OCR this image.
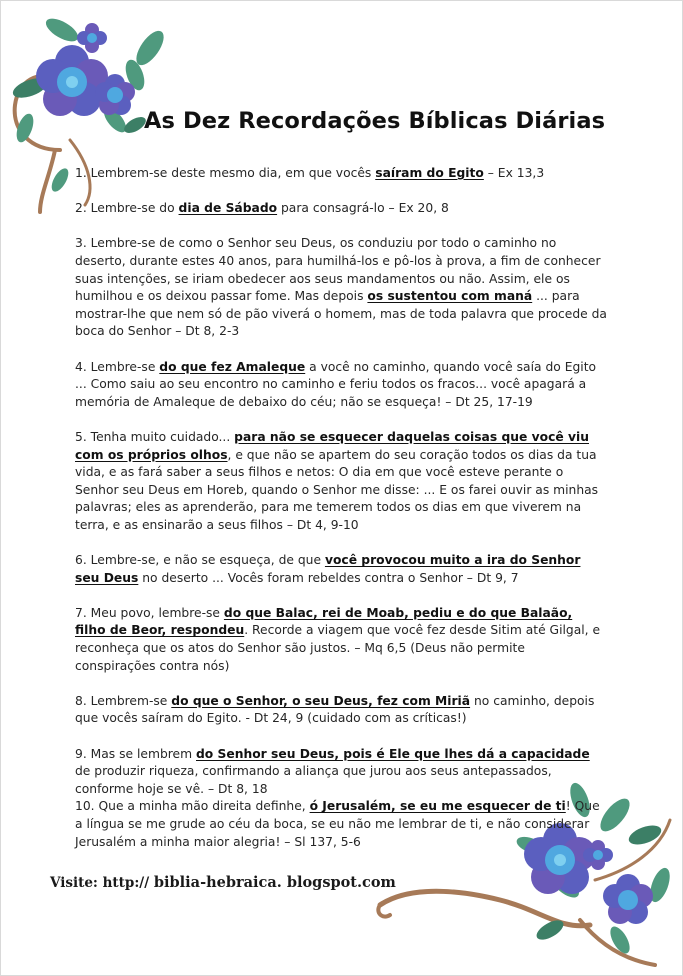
As Dez Recordações Bíblicas Diárias

1. Lembrem-se deste mesmo dia, em que vocês saíram do Egito – Ex 13,3

2. Lembre-se do dia de Sábado para consagrá-lo – Ex 20, 8

3. Lembre-se de como o Senhor seu Deus, os conduziu por todo o caminho no deserto, durante estes 40 anos, para humilhá-los e pô-los à prova, a fim de conhecer suas intenções, se iriam obedecer aos seus mandamentos ou não. Assim, ele os humilhou e os deixou passar fome. Mas depois os sustentou com maná ... para mostrar-lhe que nem só de pão viverá o homem, mas de toda palavra que procede da boca do Senhor – Dt 8, 2-3

4. Lembre-se do que fez Amaleque a você no caminho, quando você saía do Egito ... Como saiu ao seu encontro no caminho e feriu todos os fracos... você apagará a memória de Amaleque de debaixo do céu; não se esqueça! – Dt 25, 17-19

5. Tenha muito cuidado... para não se esquecer daquelas coisas que você viu com os próprios olhos, e que não se apartem do seu coração todos os dias da tua vida, e as fará saber a seus filhos e netos: O dia em que você esteve perante o Senhor seu Deus em Horeb, quando o Senhor me disse: ... E os farei ouvir as minhas palavras; eles as aprenderão, para me temerem todos os dias em que viverem na terra, e as ensinarão a seus filhos – Dt 4, 9-10

6. Lembre-se, e não se esqueça, de que você provocou muito a ira do Senhor seu Deus no deserto ... Vocês foram rebeldes contra o Senhor – Dt 9, 7

7. Meu povo, lembre-se do que Balac, rei de Moab, pediu e do que Balaão, filho de Beor, respondeu. Recorde a viagem que você fez desde Sitim até Gilgal, e reconheça que os atos do Senhor são justos. – Mq 6,5 (Deus não permite conspirações contra nós)

8. Lembrem-se do que o Senhor, o seu Deus, fez com Miriã no caminho, depois que vocês saíram do Egito. - Dt 24, 9 (cuidado com as críticas!)

9. Mas se lembrem do Senhor seu Deus, pois é Ele que lhes dá a capacidade de produzir riqueza, confirmando a aliança que jurou aos seus antepassados, conforme hoje se vê. – Dt 8, 18

10. Que a minha mão direita definhe, ó Jerusalém, se eu me esquecer de ti! Que a língua se me grude ao céu da boca, se eu não me lembrar de ti, e não considerar Jerusalém a minha maior alegria! – Sl 137, 5-6

Visite: http:// biblia-hebraica. blogspot.com
